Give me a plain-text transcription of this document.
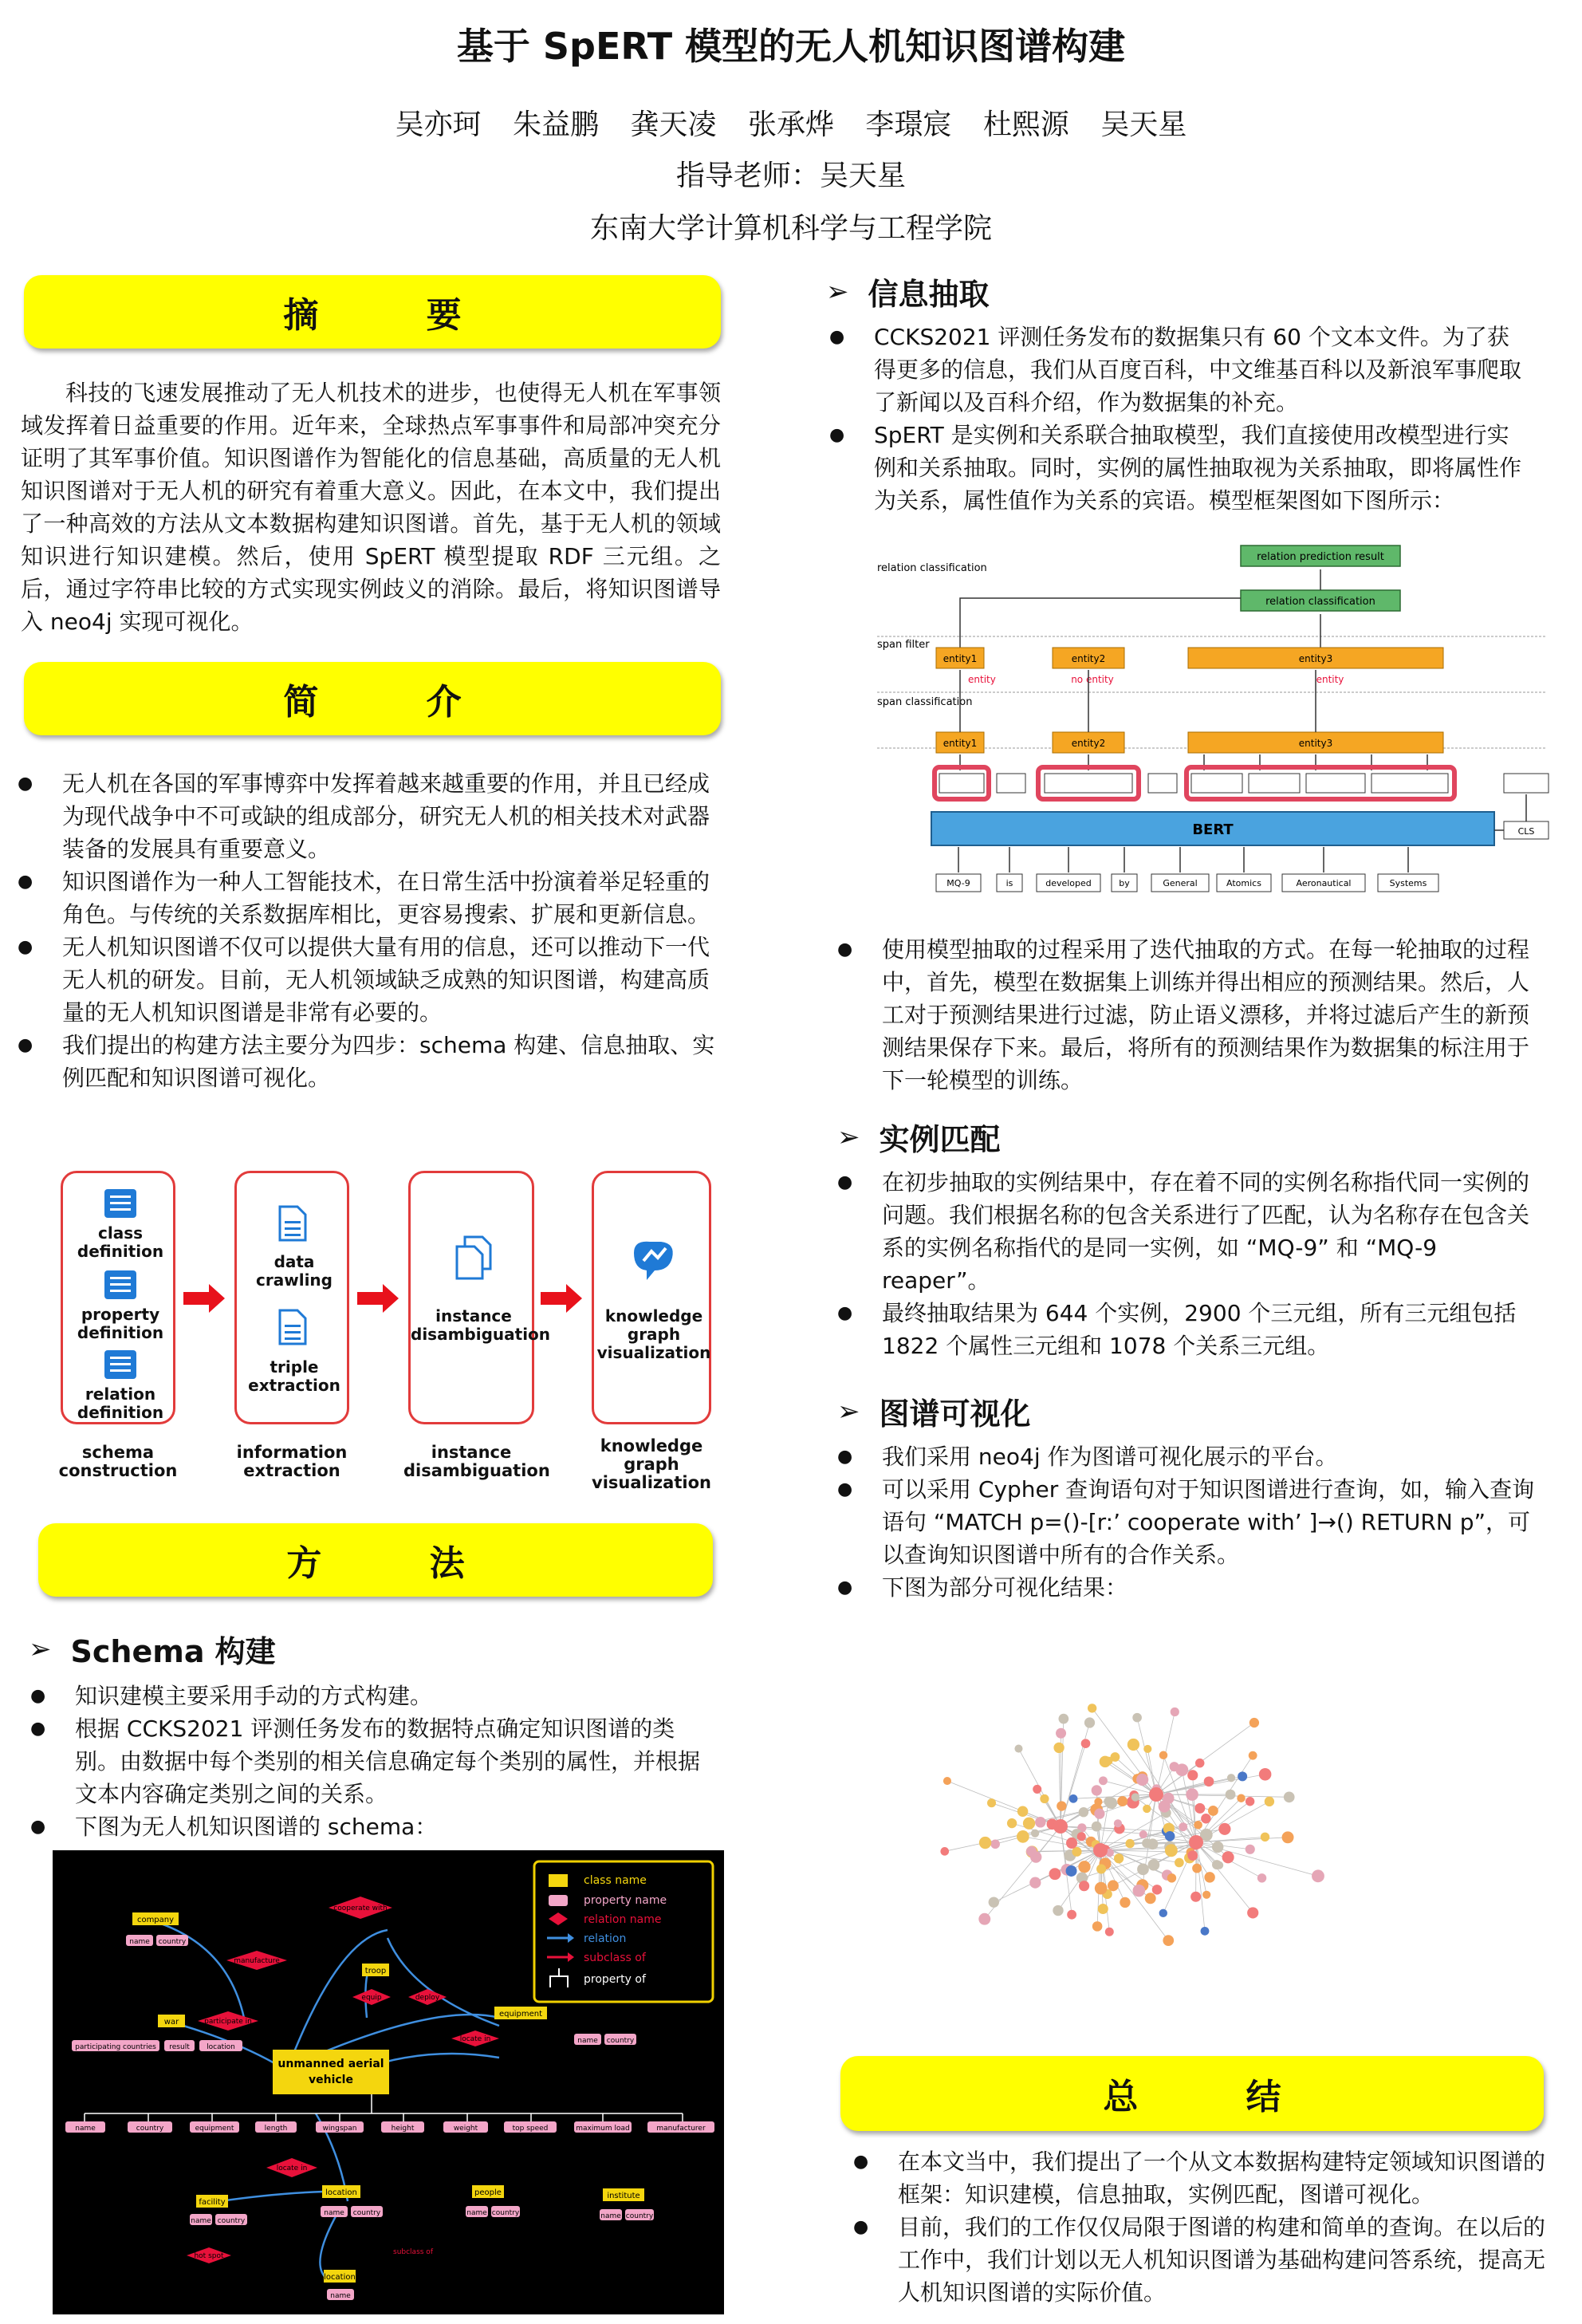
基于 SpERT 模型的无人机知识图谱构建
吴亦珂 朱益鹏 龚天凌 张承烨 李璟宸 杜熙源 吴天星
指导老师：吴天星
东南大学计算机科学与工程学院
摘 要
科技的飞速发展推动了无人机技术的进步，也使得无人机在军事领域发挥着日益重要的作用。近年来，全球热点军事事件和局部冲突充分证明了其军事价值。知识图谱作为智能化的信息基础，高质量的无人机知识图谱对于无人机的研究有着重大意义。因此，在本文中，我们提出了一种高效的方法从文本数据构建知识图谱。首先，基于无人机的领域知识进行知识建模。然后，使用 SpERT 模型提取 RDF 三元组。之后，通过字符串比较的方式实现实例歧义的消除。最后，将知识图谱导入 neo4j 实现可视化。
简 介
● 无人机在各国的军事博弈中发挥着越来越重要的作用，并且已经成为现代战争中不可或缺的组成部分，研究无人机的相关技术对武器装备的发展具有重要意义。
● 知识图谱作为一种人工智能技术，在日常生活中扮演着举足轻重的角色。与传统的关系数据库相比，更容易搜索、扩展和更新信息。
● 无人机知识图谱不仅可以提供大量有用的信息，还可以推动下一代无人机的研发。目前，无人机领域缺乏成熟的知识图谱，构建高质量的无人机知识图谱是非常有必要的。
● 我们提出的构建方法主要分为四步：schema 构建、信息抽取、实例匹配和知识图谱可视化。
class definition
property definition
relation definition
data crawling
triple extraction
instance disambiguation
knowledge graph visualization
schema construction
information extraction
instance disambiguation
knowledge graph visualization
方 法
➢ Schema 构建
● 知识建模主要采用手动的方式构建。
● 根据 CCKS2021 评测任务发布的数据特点确定知识图谱的类别。由数据中每个类别的相关信息确定每个类别的属性，并根据文本内容确定类别之间的关系。
● 下图为无人机知识图谱的 schema：
class name
property name
relation name
relation
subclass of
property of
unmanned aerial
vehicle
company
troop
war
equipment
facility
location	people	institute
cooperate with
manufacture
equip	deploy
participate in
locate in
locate in
hot spot
name	country	equipment	length	wingspan	height	weight	top speed	maximum load	manufacturer
participating countries result location
name country
name country
name country
name country
name country	name country
name
subclass of
location
➢ 信息抽取
● CCKS2021 评测任务发布的数据集只有 60 个文本文件。为了获得更多的信息，我们从百度百科，中文维基百科以及新浪军事爬取了新闻以及百科介绍，作为数据集的补充。
● SpERT 是实例和关系联合抽取模型，我们直接使用改模型进行实例和关系抽取。同时，实例的属性抽取视为关系抽取，即将属性作为关系，属性值作为关系的宾语。模型框架图如下图所示：
relation classification
span filter
span classification
relation prediction result
relation classification
entity1	entity2	entity3
entity	no entity	entity
entity1	entity2	entity3
BERT	CLS
MQ-9	is	developed	by	General	Atomics	Aeronautical	Systems
● 使用模型抽取的过程采用了迭代抽取的方式。在每一轮抽取的过程中，首先，模型在数据集上训练并得出相应的预测结果。然后，人工对于预测结果进行过滤，防止语义漂移，并将过滤后产生的新预测结果保存下来。最后，将所有的预测结果作为数据集的标注用于下一轮模型的训练。
➢ 实例匹配
● 在初步抽取的实例结果中，存在着不同的实例名称指代同一实例的问题。我们根据名称的包含关系进行了匹配，认为名称存在包含关系的实例名称指代的是同一实例，如 “MQ-9” 和 “MQ-9 reaper”。
● 最终抽取结果为 644 个实例，2900 个三元组，所有三元组包括 1822 个属性三元组和 1078 个关系三元组。
➢ 图谱可视化
● 我们采用 neo4j 作为图谱可视化展示的平台。
● 可以采用 Cypher 查询语句对于知识图谱进行查询，如，输入查询语句 “MATCH p=()-[r:’ cooperate with’ ]→() RETURN p”，可以查询知识图谱中所有的合作关系。
● 下图为部分可视化结果：
总 结
● 在本文当中，我们提出了一个从文本数据构建特定领域知识图谱的框架：知识建模，信息抽取，实例匹配，图谱可视化。
● 目前，我们的工作仅仅局限于图谱的构建和简单的查询。在以后的工作中，我们计划以无人机知识图谱为基础构建问答系统，提高无人机知识图谱的实际价值。
